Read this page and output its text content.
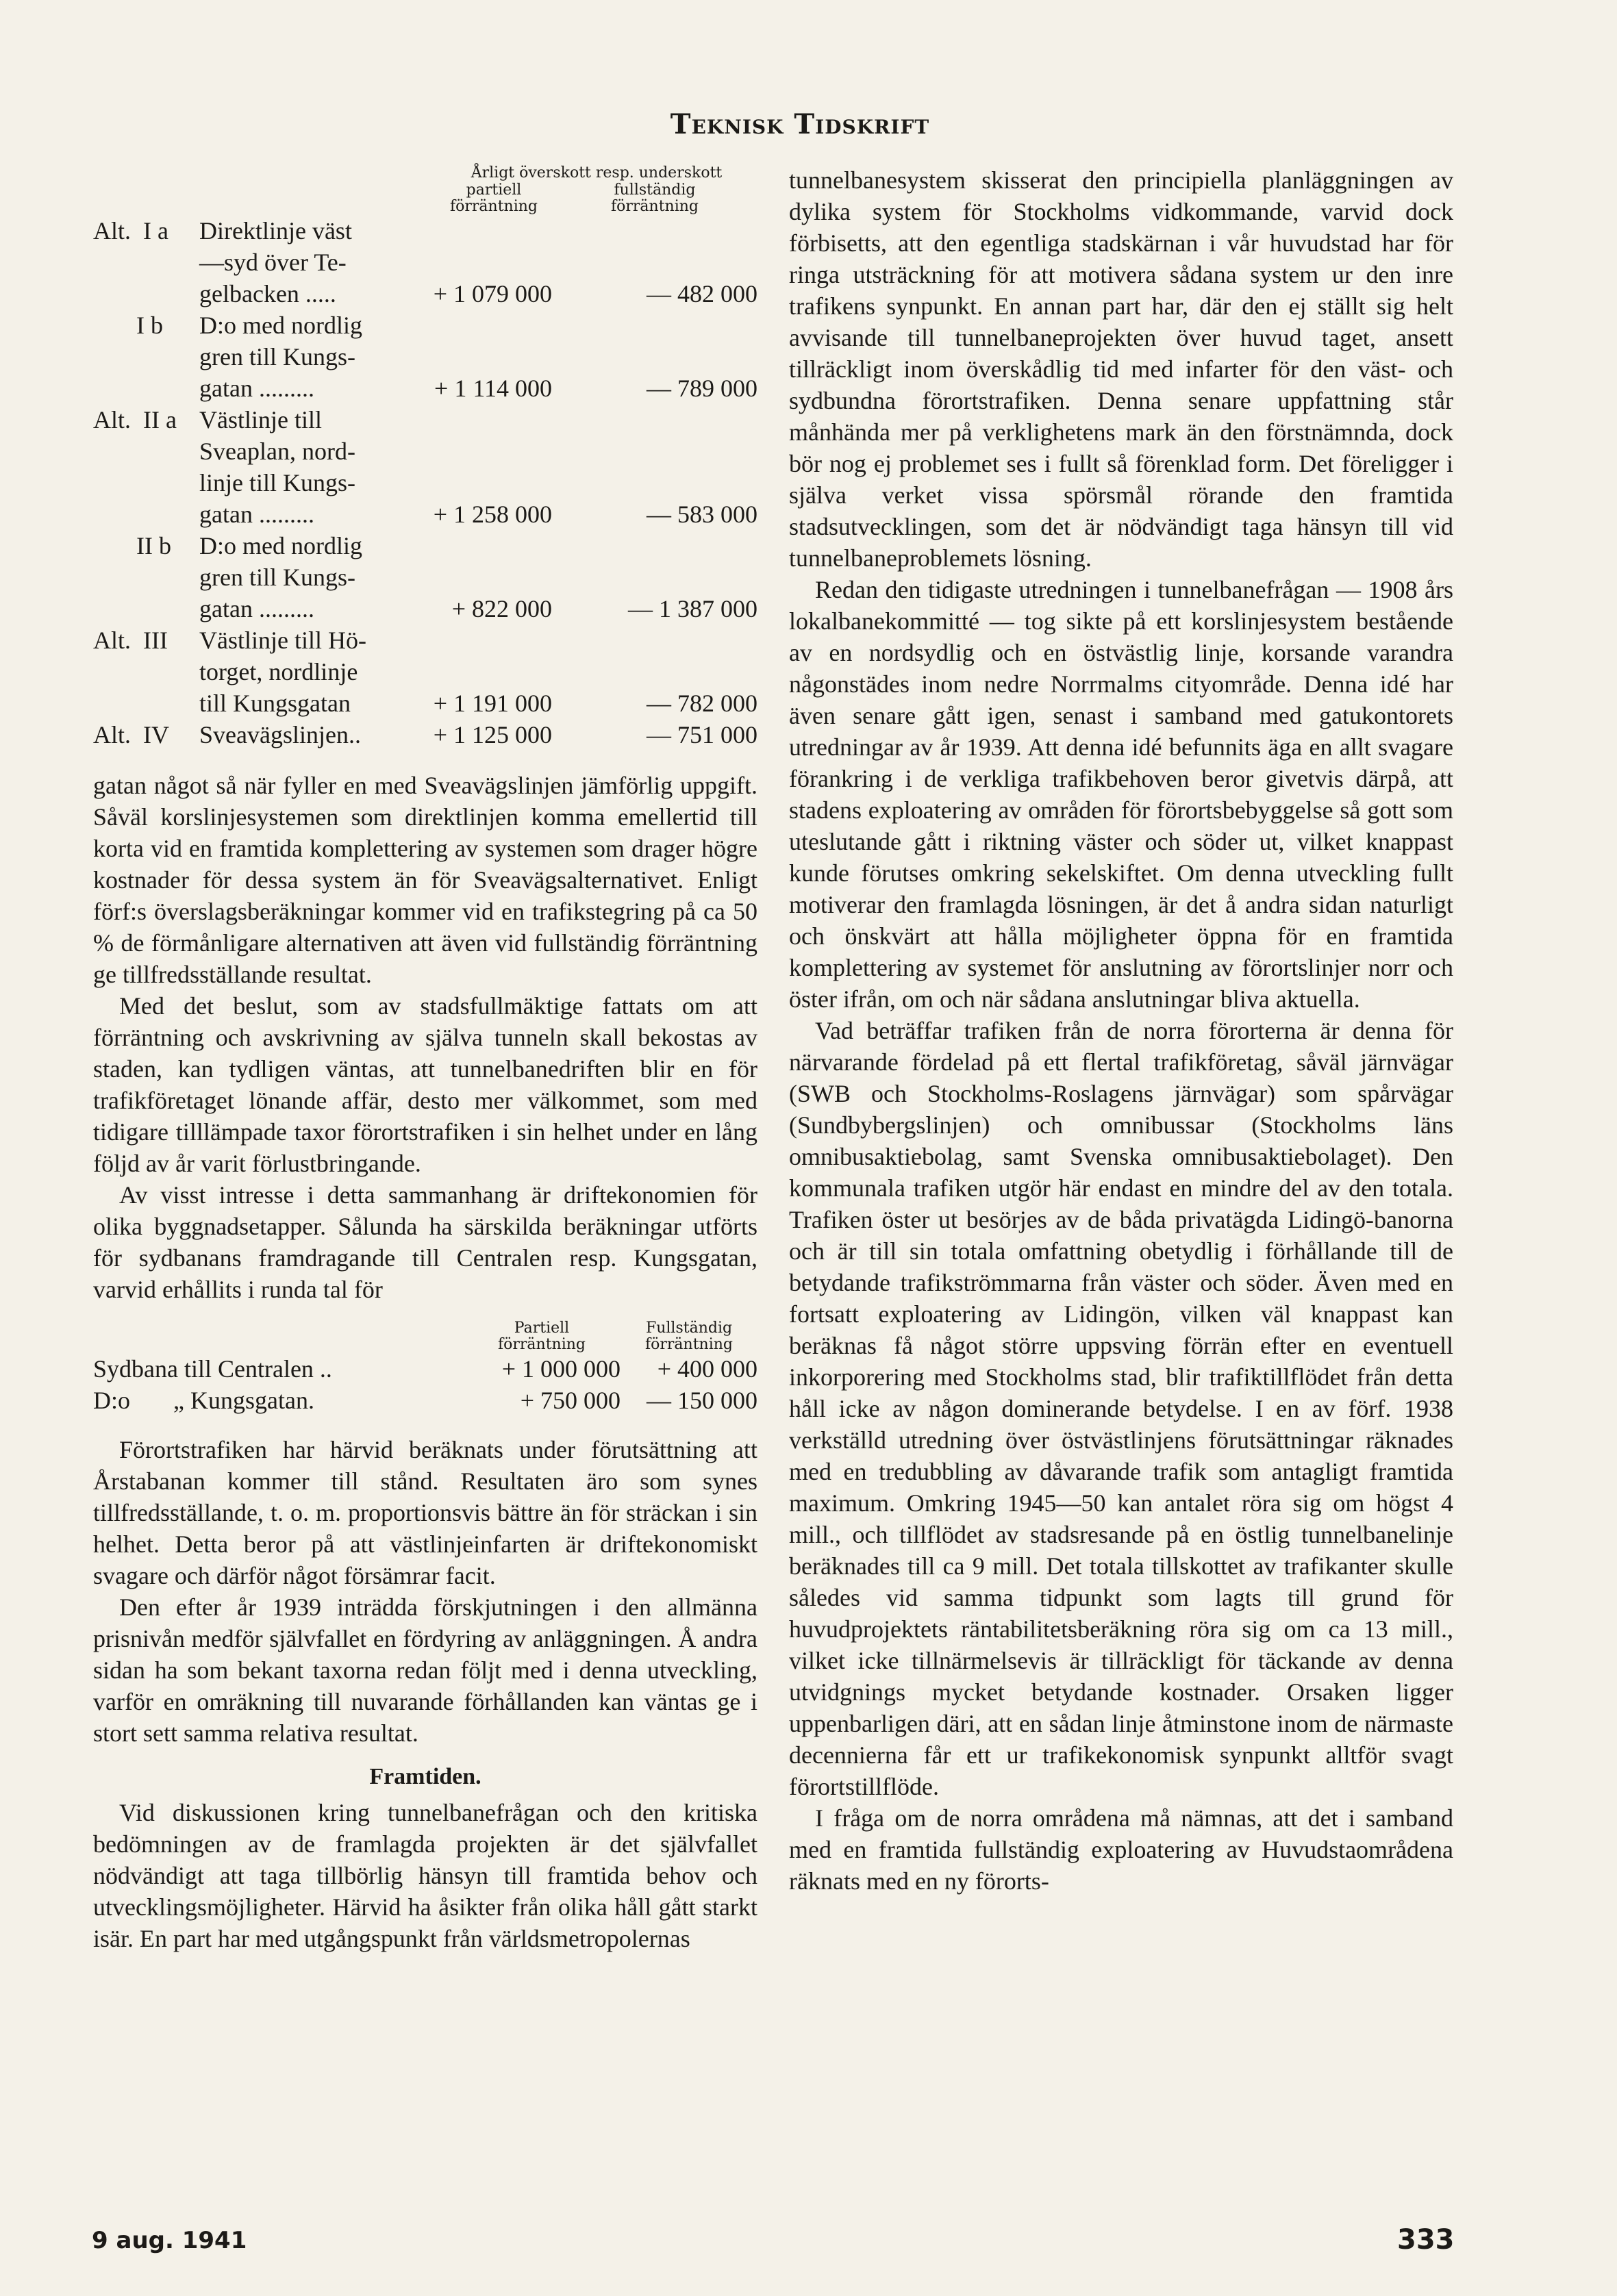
Teknisk Tidskrift
Årligt överskott resp. underskott
partiell
förräntning
fullständig
förräntning
Alt.  I a	Direktlinje väst
—syd över Te-
gelbacken .....	+ 1 079 000	— 482 000
I b	D:o med nordlig
gren till Kungs-
gatan .........	+ 1 114 000	— 789 000
Alt.  II a Västlinje till
Sveaplan, nord-
linje till Kungs-
gatan .........	+ 1 258 000	— 583 000
II b	D:o med nordlig
gren till Kungs-
gatan .........	+ 822 000	— 1 387 000
Alt.  III	Västlinje till Hö-
torget, nordlinje
till Kungsgatan	+ 1 191 000	— 782 000
Alt.  IV	Sveavägslinjen..	+ 1 125 000	— 751 000

gatan något så när fyller en med Sveavägslinjen jämförlig uppgift. Såväl korslinjesystemen som direktlinjen komma emellertid till korta vid en framtida komplettering av systemen som drager högre kostnader för dessa system än för Sveavägsalternativet. Enligt förf:s överslagsberäkningar kommer vid en trafikstegring på ca 50 % de förmånligare alternativen att även vid fullständig förräntning ge tillfredsställande resultat.

Med det beslut, som av stadsfullmäktige fattats om att förräntning och avskrivning av själva tunneln skall bekostas av staden, kan tydligen väntas, att tunnelbanedriften blir en för trafikföretaget lönande affär, desto mer välkommet, som med tidigare tilllämpade taxor förortstrafiken i sin helhet under en lång följd av år varit förlustbringande.

Av visst intresse i detta sammanhang är driftekonomien för olika byggnadsetapper. Sålunda ha särskilda beräkningar utförts för sydbanans framdragande till Centralen resp. Kungsgatan, varvid erhållits i runda tal för

Partiell
förräntning
Fullständig
förräntning
Sydbana till Centralen ..	+ 1 000 000	+ 400 000
D:o       „ Kungsgatan.	+ 750 000	— 150 000

Förortstrafiken har härvid beräknats under förutsättning att Årstabanan kommer till stånd. Resultaten äro som synes tillfredsställande, t. o. m. proportionsvis bättre än för sträckan i sin helhet. Detta beror på att västlinjeinfarten är driftekonomiskt svagare och därför något försämrar facit.

Den efter år 1939 inträdda förskjutningen i den allmänna prisnivån medför självfallet en fördyring av anläggningen. Å andra sidan ha som bekant taxorna redan följt med i denna utveckling, varför en omräkning till nuvarande förhållanden kan väntas ge i stort sett samma relativa resultat.

Framtiden.

Vid diskussionen kring tunnelbanefrågan och den kritiska bedömningen av de framlagda projekten är det självfallet nödvändigt att taga tillbörlig hänsyn till framtida behov och utvecklingsmöjligheter. Härvid ha åsikter från olika håll gått starkt isär. En part har med utgångspunkt från världsmetropolernas

tunnelbanesystem skisserat den principiella planläggningen av dylika system för Stockholms vidkommande, varvid dock förbisetts, att den egentliga stadskärnan i vår huvudstad har för ringa utsträckning för att motivera sådana system ur den inre trafikens synpunkt. En annan part har, där den ej ställt sig helt avvisande till tunnelbaneprojekten över huvud taget, ansett tillräckligt inom överskådlig tid med infarter för den väst- och sydbundna förortstrafiken. Denna senare uppfattning står månhända mer på verklighetens mark än den förstnämnda, dock bör nog ej problemet ses i fullt så förenklad form. Det föreligger i själva verket vissa spörsmål rörande den framtida stadsutvecklingen, som det är nödvändigt taga hänsyn till vid tunnelbaneproblemets lösning.

Redan den tidigaste utredningen i tunnelbanefrågan — 1908 års lokalbanekommitté — tog sikte på ett korslinjesystem bestående av en nordsydlig och en östvästlig linje, korsande varandra någonstädes inom nedre Norrmalms cityområde. Denna idé har även senare gått igen, senast i samband med gatukontorets utredningar av år 1939. Att denna idé befunnits äga en allt svagare förankring i de verkliga trafikbehoven beror givetvis därpå, att stadens exploatering av områden för förortsbebyggelse så gott som uteslutande gått i riktning väster och söder ut, vilket knappast kunde förutses omkring sekelskiftet. Om denna utveckling fullt motiverar den framlagda lösningen, är det å andra sidan naturligt och önskvärt att hålla möjligheter öppna för en framtida komplettering av systemet för anslutning av förortslinjer norr och öster ifrån, om och när sådana anslutningar bliva aktuella.

Vad beträffar trafiken från de norra förorterna är denna för närvarande fördelad på ett flertal trafikföretag, såväl järnvägar (SWB och Stockholms-Roslagens järnvägar) som spårvägar (Sundbybergslinjen) och omnibussar (Stockholms läns omnibusaktiebolag, samt Svenska omnibusaktiebolaget). Den kommunala trafiken utgör här endast en mindre del av den totala. Trafiken öster ut besörjes av de båda privatägda Lidingö-banorna och är till sin totala omfattning obetydlig i förhållande till de betydande trafikströmmarna från väster och söder. Även med en fortsatt exploatering av Lidingön, vilken väl knappast kan beräknas få något större uppsving förrän efter en eventuell inkorporering med Stockholms stad, blir trafiktillflödet från detta håll icke av någon dominerande betydelse. I en av förf. 1938 verkställd utredning över östvästlinjens förutsättningar räknades med en tredubbling av dåvarande trafik som antagligt framtida maximum. Omkring 1945—50 kan antalet röra sig om högst 4 mill., och tillflödet av stadsresande på en östlig tunnelbanelinje beräknades till ca 9 mill. Det totala tillskottet av trafikanter skulle således vid samma tidpunkt som lagts till grund för huvudprojektets räntabilitetsberäkning röra sig om ca 13 mill., vilket icke tillnärmelsevis är tillräckligt för täckande av denna utvidgnings mycket betydande kostnader. Orsaken ligger uppenbarligen däri, att en sådan linje åtminstone inom de närmaste decennierna får ett ur trafikekonomisk synpunkt alltför svagt förortstillflöde.

I fråga om de norra områdena må nämnas, att det i samband med en framtida fullständig exploatering av Huvudstaområdena räknats med en ny förorts-

9 aug. 1941	333
